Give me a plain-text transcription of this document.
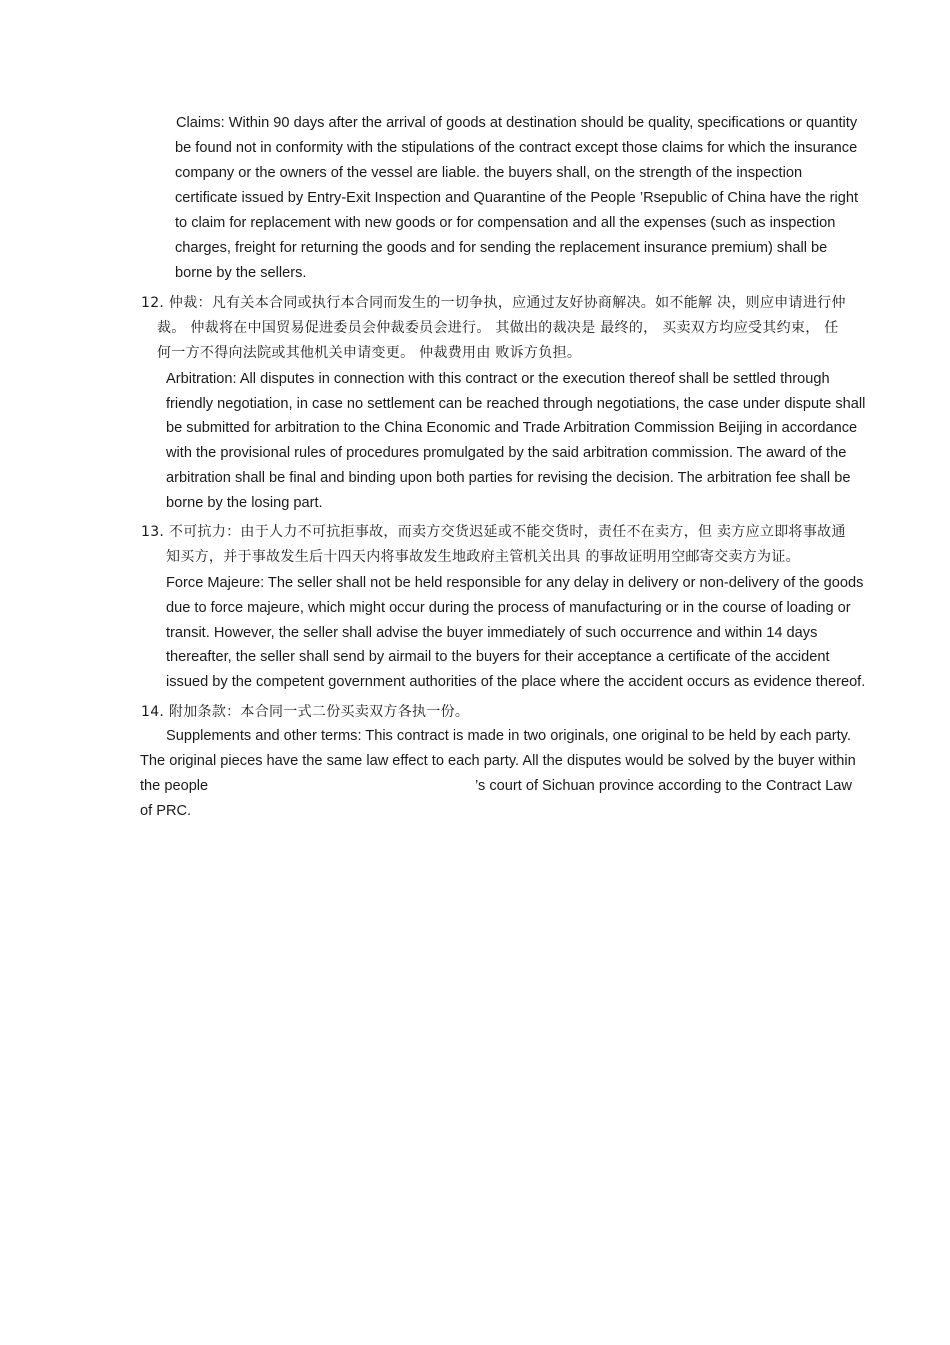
Claims: Within 90 days after the arrival of goods at destination should be quality, specifications or quantity
be found not in conformity with the stipulations of the contract except those claims for which the insurance
company or the owners of the vessel are liable. the buyers shall, on the strength of the inspection
certificate issued by Entry-Exit Inspection and Quarantine of the People ’Rsepublic of China have the right
to claim for replacement with new goods or for compensation and all the expenses (such as inspection
charges, freight for returning the goods and for sending the replacement insurance premium) shall be
borne by the sellers.
12. 仲裁：凡有关本合同或执行本合同而发生的一切争执，应通过友好协商解决。如不能解 决，则应申请进行仲
裁。 仲裁将在中国贸易促进委员会仲裁委员会进行。 其做出的裁决是 最终的， 买卖双方均应受其约束， 任
何一方不得向法院或其他机关申请变更。 仲裁费用由 败诉方负担。
Arbitration: All disputes in connection with this contract or the execution thereof shall be settled through
friendly negotiation, in case no settlement can be reached through negotiations, the case under dispute shall
be submitted for arbitration to the China Economic and Trade Arbitration Commission Beijing in accordance
with the provisional rules of procedures promulgated by the said arbitration commission. The award of the
arbitration shall be final and binding upon both parties for revising the decision. The arbitration fee shall be
borne by the losing part.
13. 不可抗力：由于人力不可抗拒事故，而卖方交货迟延或不能交货时，责任不在卖方，但 卖方应立即将事故通
知买方，并于事故发生后十四天内将事故发生地政府主管机关出具 的事故证明用空邮寄交卖方为证。
Force Majeure: The seller shall not be held responsible for any delay in delivery or non-delivery of the goods
due to force majeure, which might occur during the process of manufacturing or in the course of loading or
transit. However, the seller shall advise the buyer immediately of such occurrence and within 14 days
thereafter, the seller shall send by airmail to the buyers for their acceptance a certificate of the accident
issued by the competent government authorities of the place where the accident occurs as evidence thereof.
14. 附加条款：本合同一式二份买卖双方各执一份。
Supplements and other terms: This contract is made in two originals, one original to be held by each party.
The original pieces have the same law effect to each party. All the disputes would be solved by the buyer within
the people	’s court of Sichuan province according to the Contract Law
of PRC.
